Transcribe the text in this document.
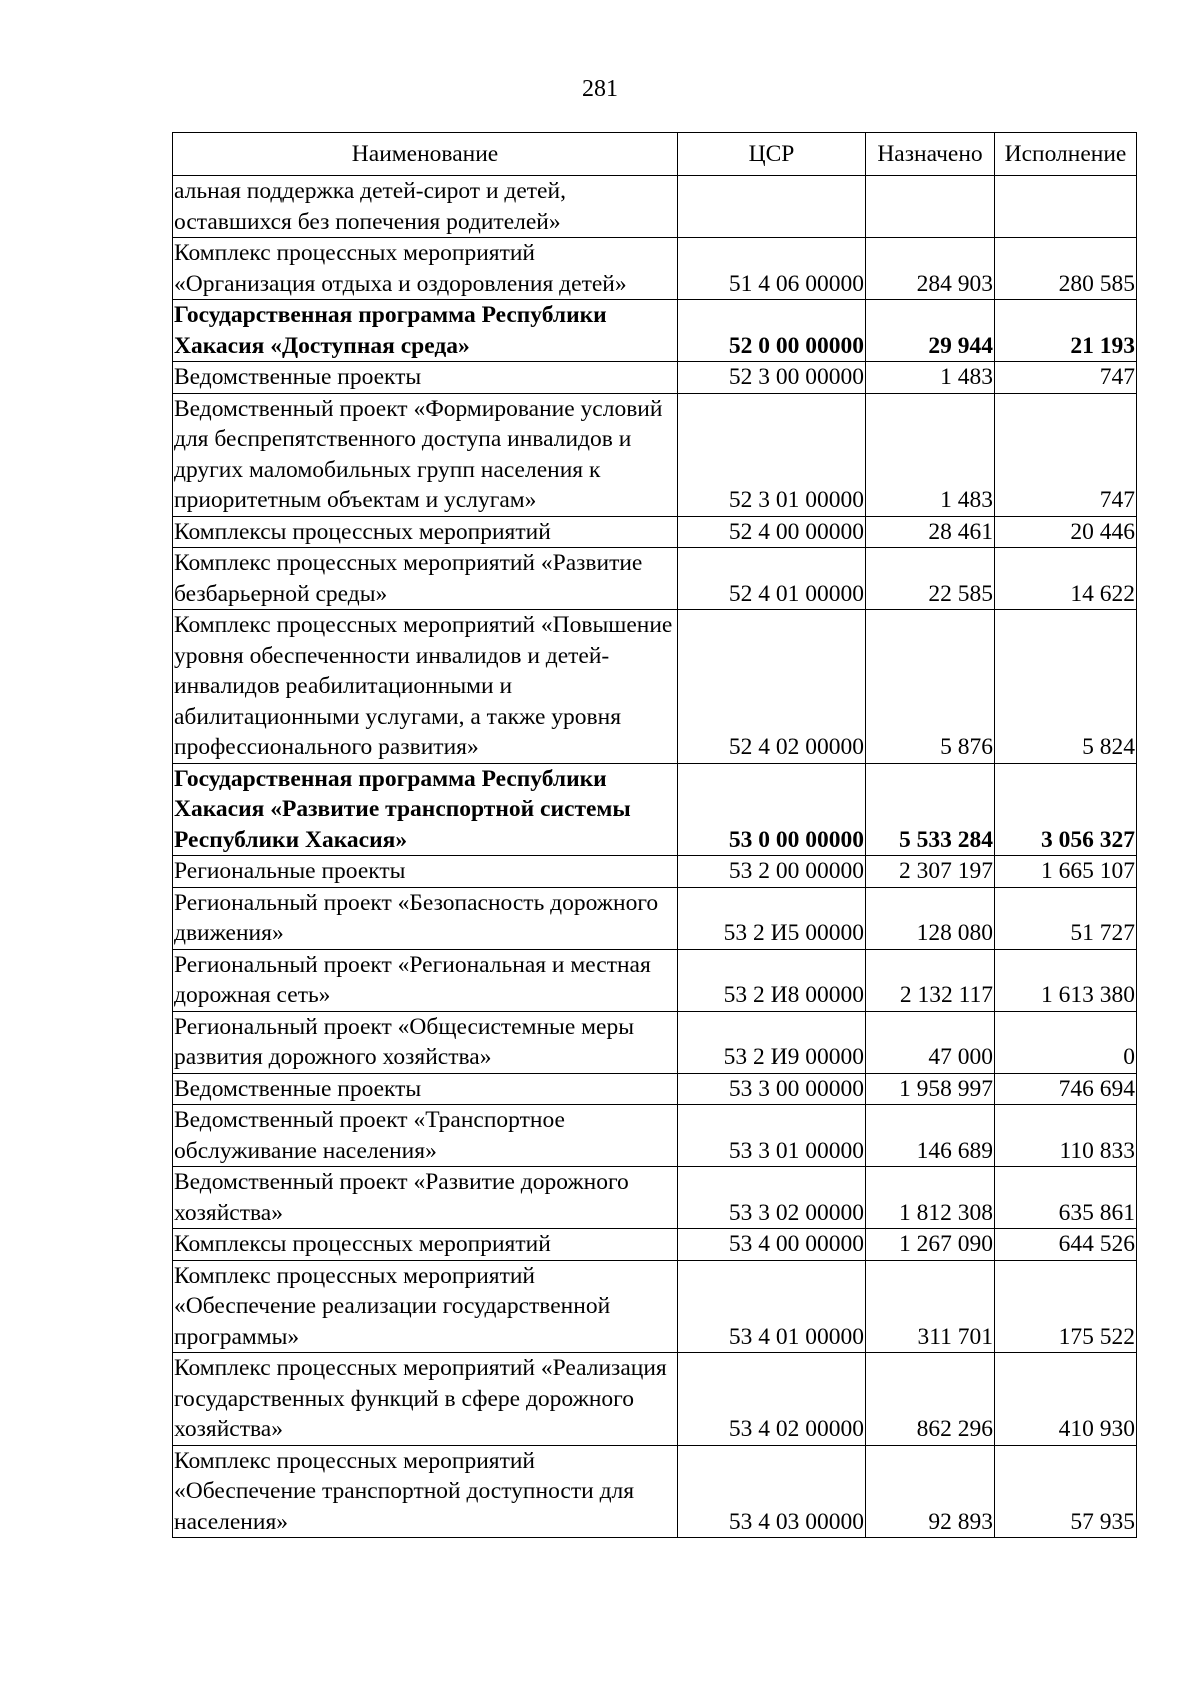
281
Наименование	ЦСР	Назначено	Исполнение
альная поддержка детей-сирот и детей, оставшихся без попечения родителей»			
Комплекс процессных мероприятий «Организация отдыха и оздоровления детей»	51 4 06 00000	284 903	280 585
Государственная программа Республики Хакасия «Доступная среда»	52 0 00 00000	29 944	21 193
Ведомственные проекты	52 3 00 00000	1 483	747
Ведомственный проект «Формирование условий для беспрепятственного доступа инвалидов и других маломобильных групп населения к приоритетным объектам и услугам»	52 3 01 00000	1 483	747
Комплексы процессных мероприятий	52 4 00 00000	28 461	20 446
Комплекс процессных мероприятий «Развитие безбарьерной среды»	52 4 01 00000	22 585	14 622
Комплекс процессных мероприятий «Повышение уровня обеспеченности инвалидов и детей-инвалидов реабилитационными и абилитационными услугами, а также уровня профессионального развития»	52 4 02 00000	5 876	5 824
Государственная программа Республики Хакасия «Развитие транспортной системы Республики Хакасия»	53 0 00 00000	5 533 284	3 056 327
Региональные проекты	53 2 00 00000	2 307 197	1 665 107
Региональный проект «Безопасность дорожного движения»	53 2 И5 00000	128 080	51 727
Региональный проект «Региональная и местная дорожная сеть»	53 2 И8 00000	2 132 117	1 613 380
Региональный проект «Общесистемные меры развития дорожного хозяйства»	53 2 И9 00000	47 000	0
Ведомственные проекты	53 3 00 00000	1 958 997	746 694
Ведомственный проект «Транспортное обслуживание населения»	53 3 01 00000	146 689	110 833
Ведомственный проект «Развитие дорожного хозяйства»	53 3 02 00000	1 812 308	635 861
Комплексы процессных мероприятий	53 4 00 00000	1 267 090	644 526
Комплекс процессных мероприятий «Обеспечение реализации государственной программы»	53 4 01 00000	311 701	175 522
Комплекс процессных мероприятий «Реализация государственных функций в сфере дорожного хозяйства»	53 4 02 00000	862 296	410 930
Комплекс процессных мероприятий «Обеспечение транспортной доступности для населения»	53 4 03 00000	92 893	57 935
